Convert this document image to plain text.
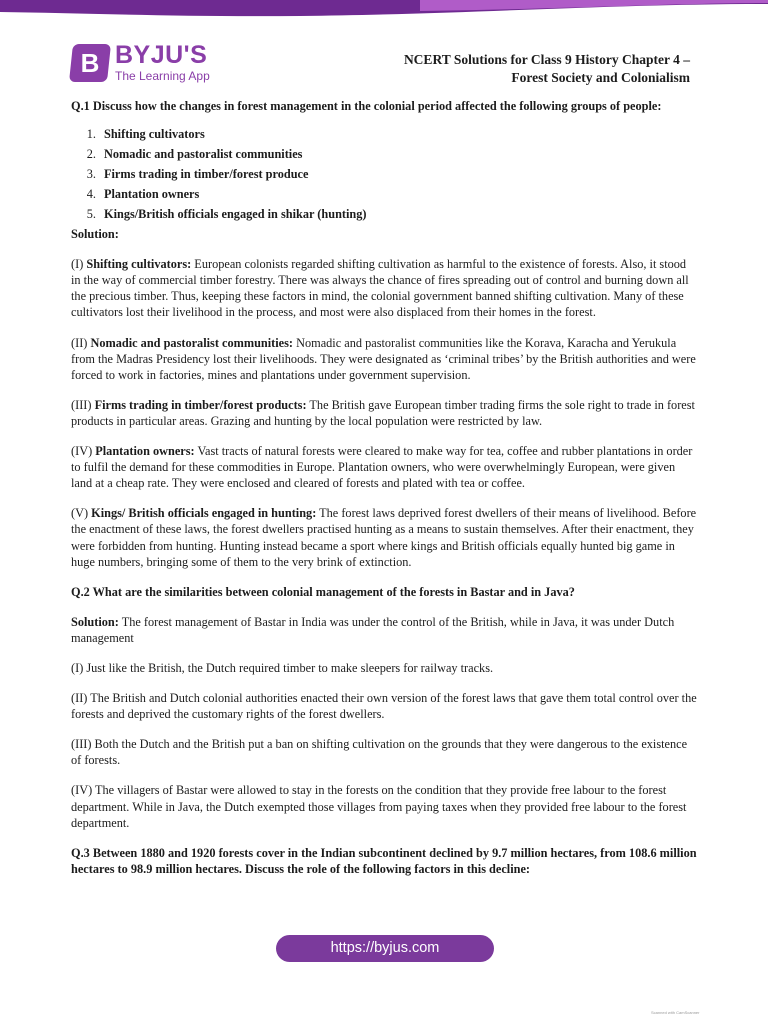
B BYJU'S
The Learning App
NCERT Solutions for Class 9 History Chapter 4 –
Forest Society and Colonialism

Q.1 Discuss how the changes in forest management in the colonial period affected the following groups of people:

1. Shifting cultivators
2. Nomadic and pastoralist communities
3. Firms trading in timber/forest produce
4. Plantation owners
5. Kings/British officials engaged in shikar (hunting)

Solution:

(I) Shifting cultivators: European colonists regarded shifting cultivation as harmful to the existence of forests. Also, it stood in the way of commercial timber forestry. There was always the chance of fires spreading out of control and burning down all the precious timber. Thus, keeping these factors in mind, the colonial government banned shifting cultivation. Many of these cultivators lost their livelihood in the process, and most were also displaced from their homes in the forest.

(II) Nomadic and pastoralist communities: Nomadic and pastoralist communities like the Korava, Karacha and Yerukula from the Madras Presidency lost their livelihoods. They were designated as ‘criminal tribes’ by the British authorities and were forced to work in factories, mines and plantations under government supervision.

(III) Firms trading in timber/forest products: The British gave European timber trading firms the sole right to trade in forest products in particular areas. Grazing and hunting by the local population were restricted by law.

(IV) Plantation owners: Vast tracts of natural forests were cleared to make way for tea, coffee and rubber plantations in order to fulfil the demand for these commodities in Europe. Plantation owners, who were overwhelmingly European, were given land at a cheap rate. They were enclosed and cleared of forests and plated with tea or coffee.

(V) Kings/ British officials engaged in hunting: The forest laws deprived forest dwellers of their means of livelihood. Before the enactment of these laws, the forest dwellers practised hunting as a means to sustain themselves. After their enactment, they were forbidden from hunting. Hunting instead became a sport where kings and British officials equally hunted big game in huge numbers, bringing some of them to the very brink of extinction.

Q.2 What are the similarities between colonial management of the forests in Bastar and in Java?

Solution: The forest management of Bastar in India was under the control of the British, while in Java, it was under Dutch management

(I) Just like the British, the Dutch required timber to make sleepers for railway tracks.

(II) The British and Dutch colonial authorities enacted their own version of the forest laws that gave them total control over the forests and deprived the customary rights of the forest dwellers.

(III) Both the Dutch and the British put a ban on shifting cultivation on the grounds that they were dangerous to the existence of forests.

(IV) The villagers of Bastar were allowed to stay in the forests on the condition that they provide free labour to the forest department. While in Java, the Dutch exempted those villages from paying taxes when they provided free labour to the forest department.

Q.3 Between 1880 and 1920 forests cover in the Indian subcontinent declined by 9.7 million hectares, from 108.6 million hectares to 98.9 million hectares. Discuss the role of the following factors in this decline:

https://byjus.com
Scanned with CamScanner
